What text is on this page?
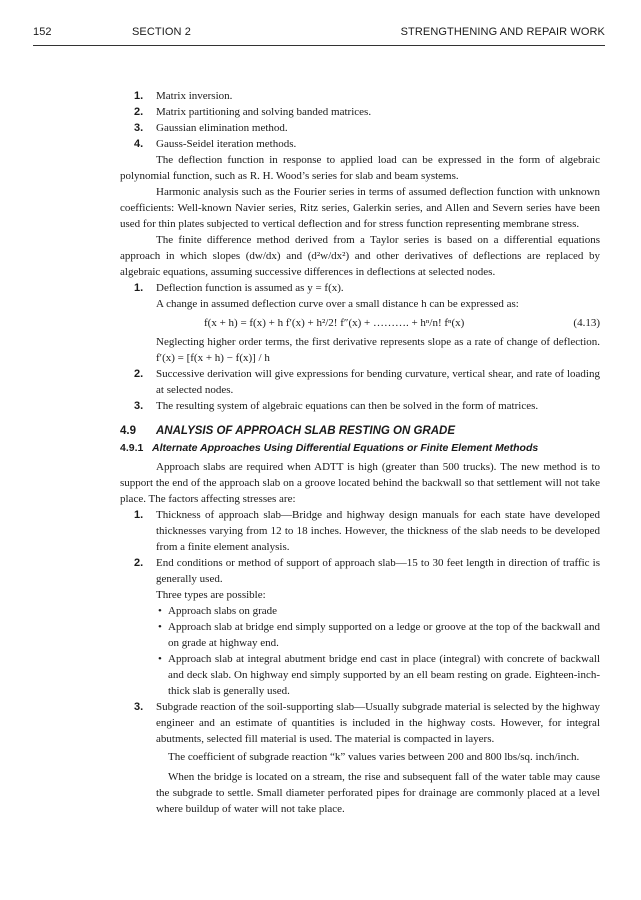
152	SECTION 2	STRENGTHENING AND REPAIR WORK
1. Matrix inversion.
2. Matrix partitioning and solving banded matrices.
3. Gaussian elimination method.
4. Gauss-Seidel iteration methods.
The deflection function in response to applied load can be expressed in the form of algebraic polynomial function, such as R. H. Wood’s series for slab and beam systems.
Harmonic analysis such as the Fourier series in terms of assumed deflection function with unknown coefficients: Well-known Navier series, Ritz series, Galerkin series, and Allen and Severn series have been used for thin plates subjected to vertical deflection and for stress function representing membrane stress.
The finite difference method derived from a Taylor series is based on a differential equations approach in which slopes (dw/dx) and (d²w/dx²) and other derivatives of deflections are replaced by algebraic equations, assuming successive differences in deflections at selected nodes.
1. Deflection function is assumed as y = f(x).
A change in assumed deflection curve over a small distance h can be expressed as:
f(x + h) = f(x) + h f′(x) + h²/2! f″(x) + ………. + hⁿ/n! fⁿ(x)	(4.13)
Neglecting higher order terms, the first derivative represents slope as a rate of change of deflection. f′(x) = [f(x + h) − f(x)] / h
2. Successive derivation will give expressions for bending curvature, vertical shear, and rate of loading at selected nodes.
3. The resulting system of algebraic equations can then be solved in the form of matrices.
4.9 ANALYSIS OF APPROACH SLAB RESTING ON GRADE
4.9.1 Alternate Approaches Using Differential Equations or Finite Element Methods
Approach slabs are required when ADTT is high (greater than 500 trucks). The new method is to support the end of the approach slab on a groove located behind the backwall so that settlement will not take place. The factors affecting stresses are:
1. Thickness of approach slab—Bridge and highway design manuals for each state have developed thicknesses varying from 12 to 18 inches. However, the thickness of the slab needs to be developed from a finite element analysis.
2. End conditions or method of support of approach slab—15 to 30 feet length in direction of traffic is generally used.
Three types are possible:
• Approach slabs on grade
• Approach slab at bridge end simply supported on a ledge or groove at the top of the backwall and on grade at highway end.
• Approach slab at integral abutment bridge end cast in place (integral) with concrete of backwall and deck slab. On highway end simply supported by an ell beam resting on grade. Eighteen-inch-thick slab is generally used.
3. Subgrade reaction of the soil-supporting slab—Usually subgrade material is selected by the highway engineer and an estimate of quantities is included in the highway costs. However, for integral abutments, selected fill material is used. The material is compacted in layers.
The coefficient of subgrade reaction “k” values varies between 200 and 800 lbs/sq. inch/inch.
When the bridge is located on a stream, the rise and subsequent fall of the water table may cause the subgrade to settle. Small diameter perforated pipes for drainage are commonly placed at a level where buildup of water will not take place.
